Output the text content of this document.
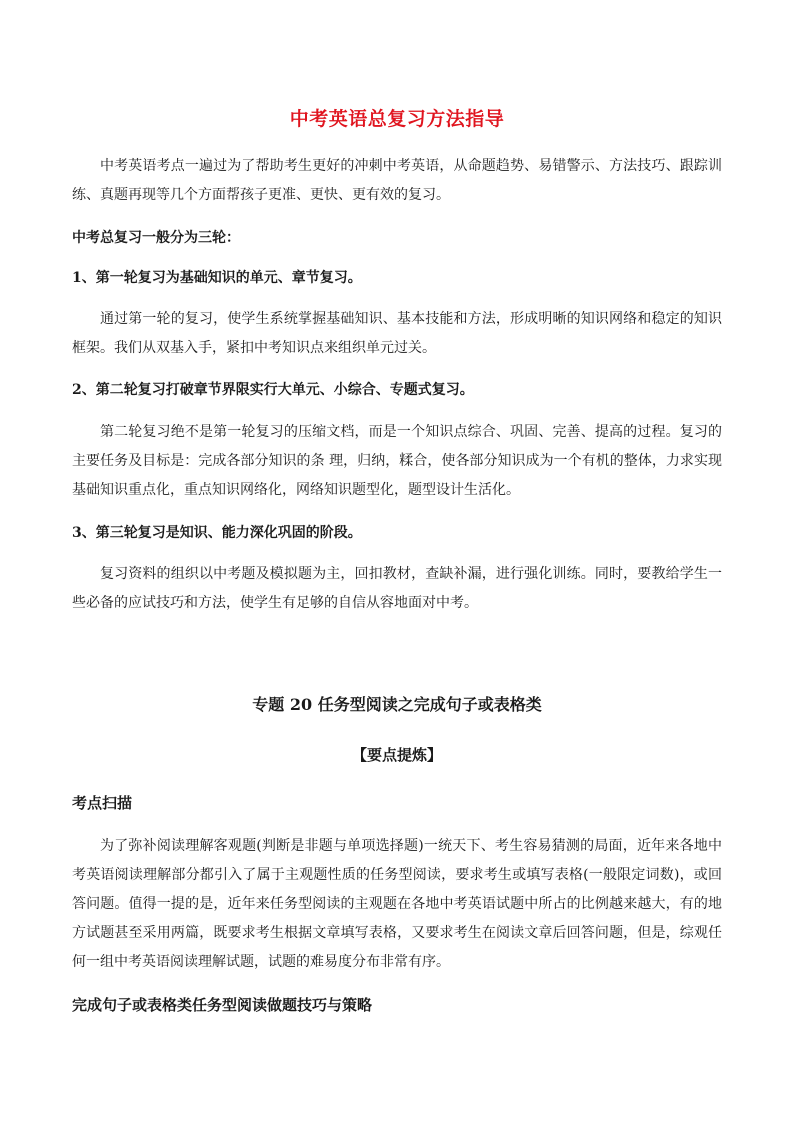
中考英语总复习方法指导
中考英语考点一遍过为了帮助考生更好的冲刺中考英语，从命题趋势、易错警示、方法技巧、跟踪训练、真题再现等几个方面帮孩子更准、更快、更有效的复习。
中考总复习一般分为三轮：
1、第一轮复习为基础知识的单元、章节复习。
通过第一轮的复习，使学生系统掌握基础知识、基本技能和方法，形成明晰的知识网络和稳定的知识框架。我们从双基入手，紧扣中考知识点来组织单元过关。
2、第二轮复习打破章节界限实行大单元、小综合、专题式复习。
第二轮复习绝不是第一轮复习的压缩文档，而是一个知识点综合、巩固、完善、提高的过程。复习的主要任务及目标是：完成各部分知识的条 理，归纳，糅合，使各部分知识成为一个有机的整体，力求实现基础知识重点化，重点知识网络化，网络知识题型化，题型设计生活化。
3、第三轮复习是知识、能力深化巩固的阶段。
复习资料的组织以中考题及模拟题为主，回扣教材，查缺补漏，进行强化训练。同时，要教给学生一些必备的应试技巧和方法，使学生有足够的自信从容地面对中考。
专题 20 任务型阅读之完成句子或表格类
【要点提炼】
考点扫描
为了弥补阅读理解客观题(判断是非题与单项选择题)一统天下、考生容易猜测的局面，近年来各地中考英语阅读理解部分都引入了属于主观题性质的任务型阅读，要求考生或填写表格(一般限定词数)，或回答问题。值得一提的是，近年来任务型阅读的主观题在各地中考英语试题中所占的比例越来越大，有的地方试题甚至采用两篇，既要求考生根据文章填写表格，又要求考生在阅读文章后回答问题，但是，综观任何一组中考英语阅读理解试题，试题的难易度分布非常有序。
完成句子或表格类任务型阅读做题技巧与策略
